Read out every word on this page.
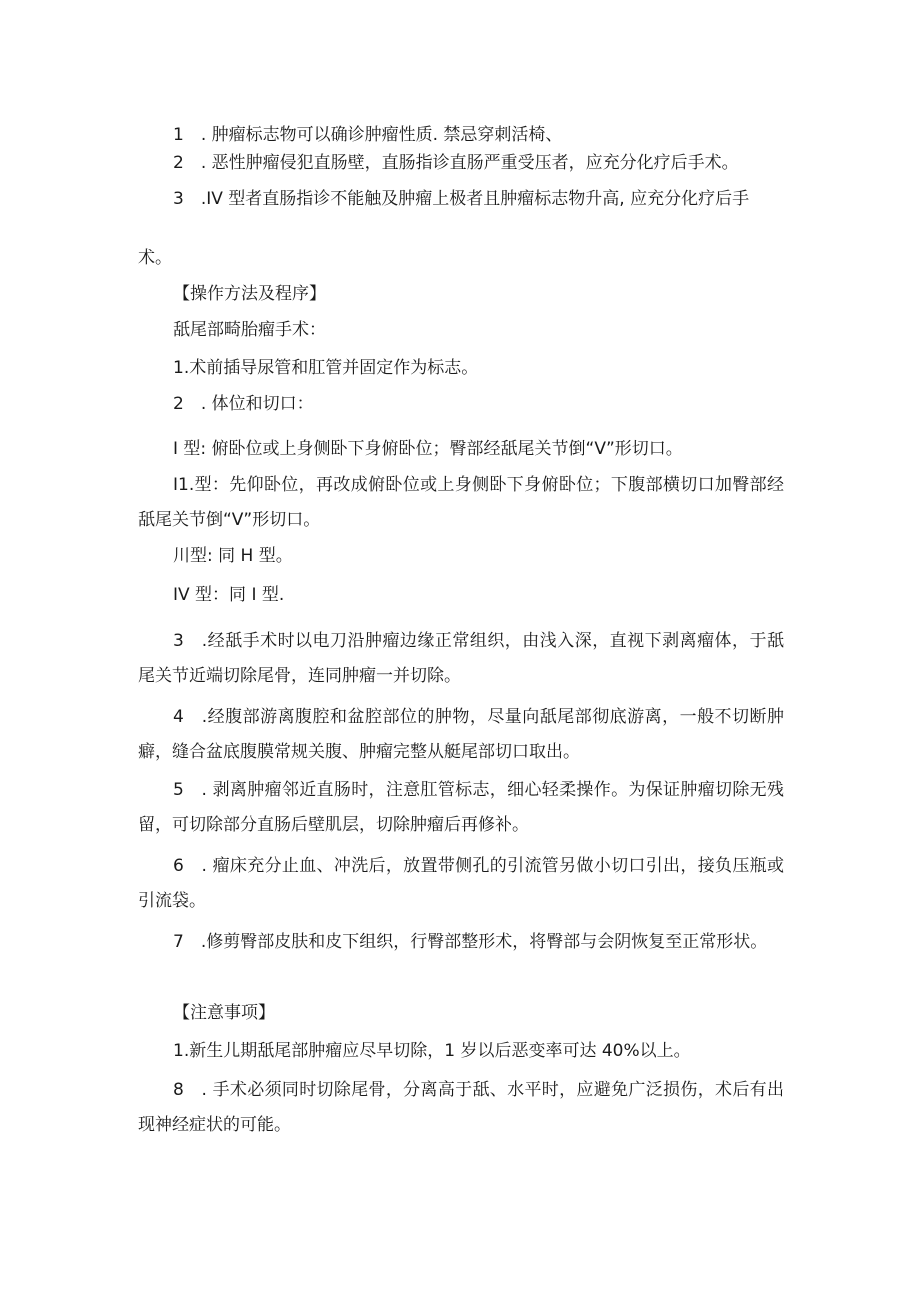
1　. 肿瘤标志物可以确诊肿瘤性质. 禁忌穿刺活椅、

2　. 恶性肿瘤侵犯直肠壁，直肠指诊直肠严重受压者，应充分化疗后手术。

3　.IV 型者直肠指诊不能触及肿瘤上极者且肿瘤标志物升高, 应充分化疗后手

术。

【操作方法及程序】

舐尾部畸胎瘤手术：

1.术前插导尿管和肛管并固定作为标志。

2　. 体位和切口：

I 型: 俯卧位或上身侧卧下身俯卧位；臀部经舐尾关节倒“V”形切口。

I1.型：先仰卧位，再改成俯卧位或上身侧卧下身俯卧位；下腹部横切口加臀部经舐尾关节倒“V”形切口。

川型: 同 H 型。

IV 型：同 I 型.

3　.经舐手术时以电刀沿肿瘤边缘正常组织，由浅入深，直视下剥离瘤体，于舐尾关节近端切除尾骨，连同肿瘤一并切除。

4　.经腹部游离腹腔和盆腔部位的肿物，尽量向舐尾部彻底游离，一般不切断肿癖，缝合盆底腹膜常规关腹、肿瘤完整从艇尾部切口取出。

5　. 剥离肿瘤邻近直肠时，注意肛管标志，细心轻柔操作。为保证肿瘤切除无残留，可切除部分直肠后壁肌层，切除肿瘤后再修补。

6　. 瘤床充分止血、冲洗后，放置带侧孔的引流管另做小切口引出，接负压瓶或引流袋。

7　.修剪臀部皮肤和皮下组织，行臀部整形术，将臀部与会阴恢复至正常形状。

【注意事项】

1.新生儿期舐尾部肿瘤应尽早切除，1 岁以后恶变率可达 40%以上。

8　. 手术必须同时切除尾骨，分离高于舐、水平时，应避免广泛损伤，术后有出现神经症状的可能。
